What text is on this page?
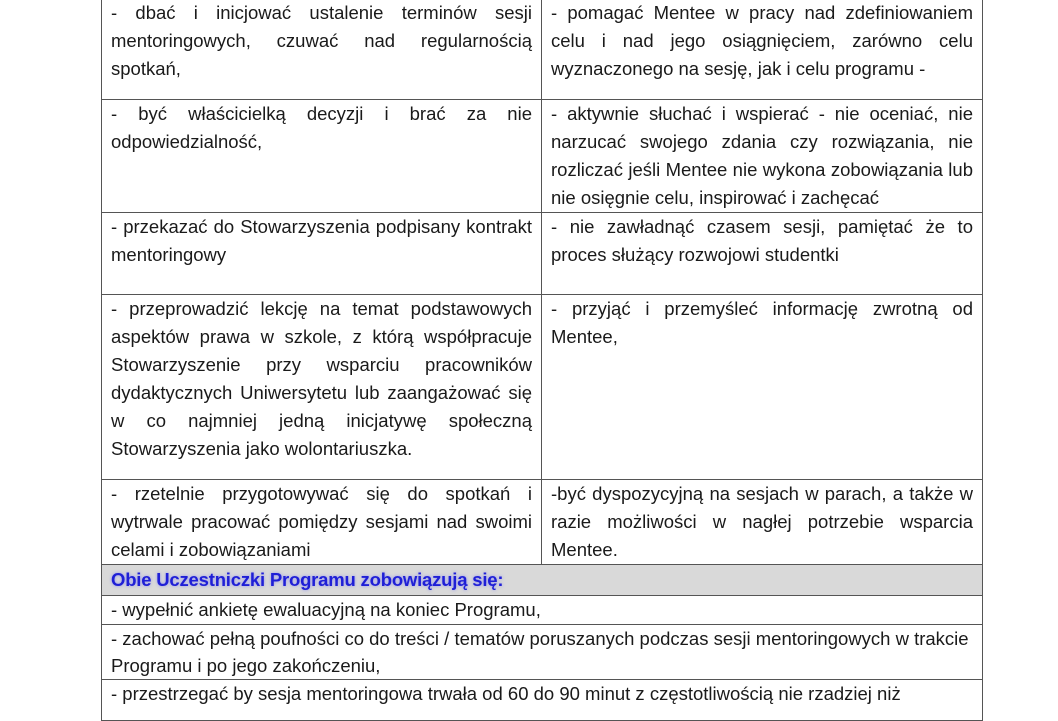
- dbać i inicjować ustalenie terminów sesji mentoringowych, czuwać nad regularnością spotkań,	- pomagać Mentee w pracy nad zdefiniowaniem celu i nad jego osiągnięciem, zarówno celu wyznaczonego na sesję, jak i celu programu -

- być właścicielką decyzji i brać za nie odpowiedzialność,	- aktywnie słuchać i wspierać - nie oceniać, nie narzucać swojego zdania czy rozwiązania, nie rozliczać jeśli Mentee nie wykona zobowiązania lub nie osięgnie celu, inspirować i zachęcać

- przekazać do Stowarzyszenia podpisany kontrakt mentoringowy	- nie zawładnąć czasem sesji, pamiętać że to proces służący rozwojowi studentki

- przeprowadzić lekcję na temat podstawowych aspektów prawa w szkole, z którą współpracuje Stowarzyszenie przy wsparciu pracowników dydaktycznych Uniwersytetu lub zaangażować się w co najmniej jedną inicjatywę społeczną Stowarzyszenia jako wolontariuszka.	- przyjąć i przemyśleć informację zwrotną od Mentee,

- rzetelnie przygotowywać się do spotkań i wytrwale pracować pomiędzy sesjami nad swoimi celami i zobowiązaniami	-być dyspozycyjną na sesjach w parach, a także w razie możliwości w nagłej potrzebie wsparcia Mentee.

Obie Uczestniczki Programu zobowiązują się:	

- wypełnić ankietę ewaluacyjną na koniec Programu,	

- zachować pełną poufności co do treści / tematów poruszanych podczas sesji mentoringowych w trakcie Programu i po jego zakończeniu,	

- przestrzegać by sesja mentoringowa trwała od 60 do 90 minut z częstotliwością nie rzadziej niż	
